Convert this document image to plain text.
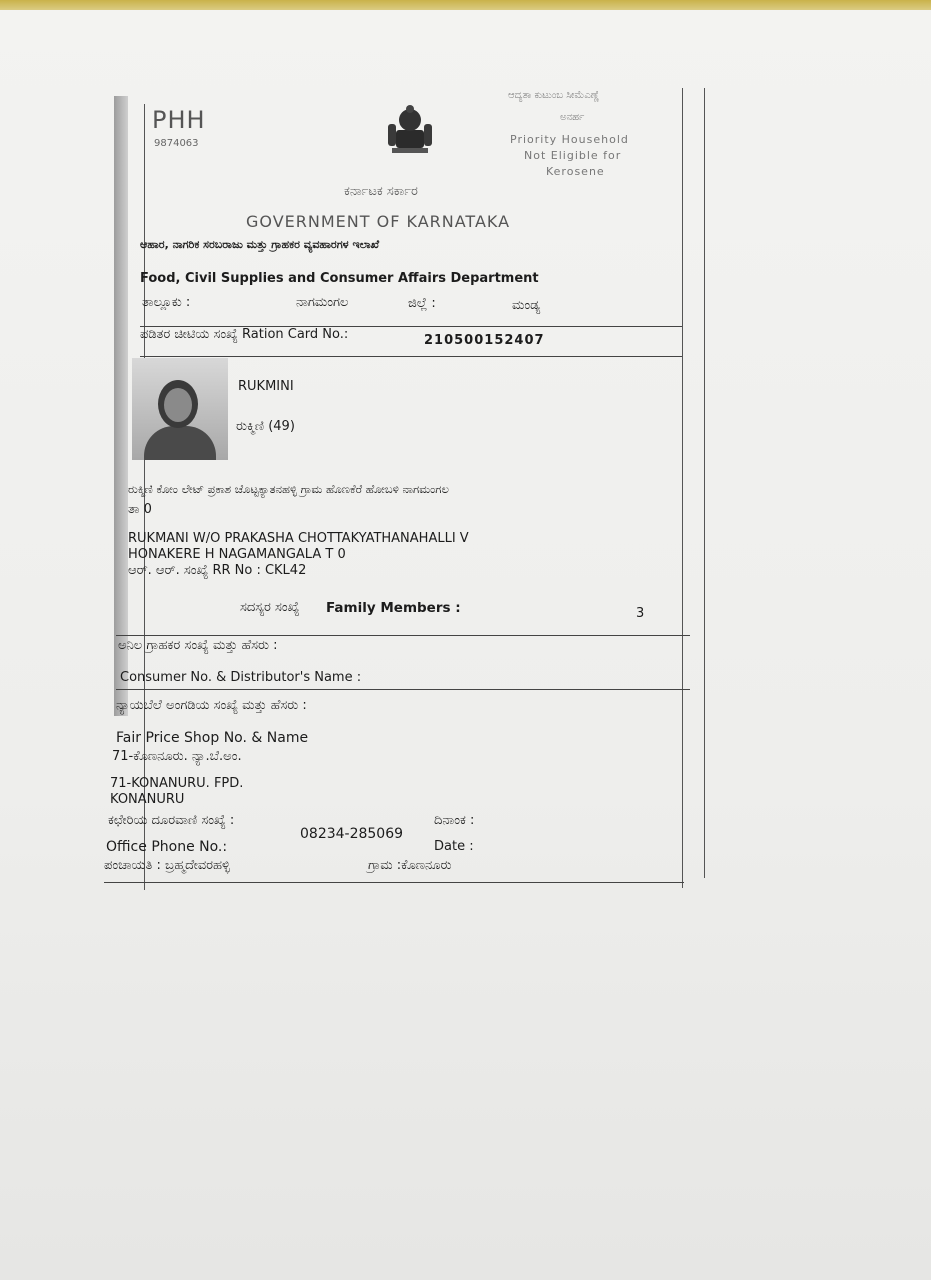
PHH
9874063
ಆದ್ಯತಾ ಕುಟುಂಬ ಸೀಮೆಎಣ್ಣೆ
ಅನರ್ಹ
Priority Household
Not Eligible for
Kerosene
ಕರ್ನಾಟಕ ಸರ್ಕಾರ
GOVERNMENT OF KARNATAKA
ಆಹಾರ, ನಾಗರಿಕ ಸರಬರಾಜು ಮತ್ತು ಗ್ರಾಹಕರ ವ್ಯವಹಾರಗಳ ಇಲಾಖೆ
Food, Civil Supplies and Consumer Affairs Department
ತಾಲ್ಲೂಕು :	ನಾಗಮಂಗಲ	ಜಿಲ್ಲೆ :	ಮಂಡ್ಯ
ಪಡಿತರ ಚೀಟಿಯ ಸಂಖ್ಯೆ Ration Card No.:	210500152407
RUKMINI
ರುಕ್ಮಿಣಿ (49)
ರುಕ್ಮಿಣಿ ಕೋಂ ಲೇಟ್ ಪ್ರಕಾಶ ಚೊಟ್ಟಕ್ಯಾತನಹಳ್ಳಿ ಗ್ರಾಮ ಹೊಣಕೆರೆ ಹೋಬಳಿ ನಾಗಮಂಗಲ
ತಾ 0
RUKMANI W/O PRAKASHA CHOTTAKYATHANAHALLI V
HONAKERE H NAGAMANGALA T 0
ಆರ್. ಆರ್. ಸಂಖ್ಯೆ RR No : CKL42
ಸದಸ್ಯರ ಸಂಖ್ಯೆ Family Members :	3
ಅನಿಲ ಗ್ರಾಹಕರ ಸಂಖ್ಯೆ ಮತ್ತು ಹೆಸರು :
Consumer No. & Distributor's Name :
ನ್ಯಾಯಬೆಲೆ ಅಂಗಡಿಯ ಸಂಖ್ಯೆ ಮತ್ತು ಹೆಸರು :
Fair Price Shop No. & Name
71-ಕೊಣನೂರು. ನ್ಯಾ.ಬೆ.ಅಂ.
71-KONANURU. FPD.
KONANURU
ಕಛೇರಿಯ ದೂರವಾಣಿ ಸಂಖ್ಯೆ :
08234-285069
ದಿನಾಂಕ :
Office Phone No.:	Date :
ಪಂಚಾಯತಿ : ಬ್ರಹ್ಮದೇವರಹಳ್ಳಿ	ಗ್ರಾಮ :ಕೊಣನೂರು
